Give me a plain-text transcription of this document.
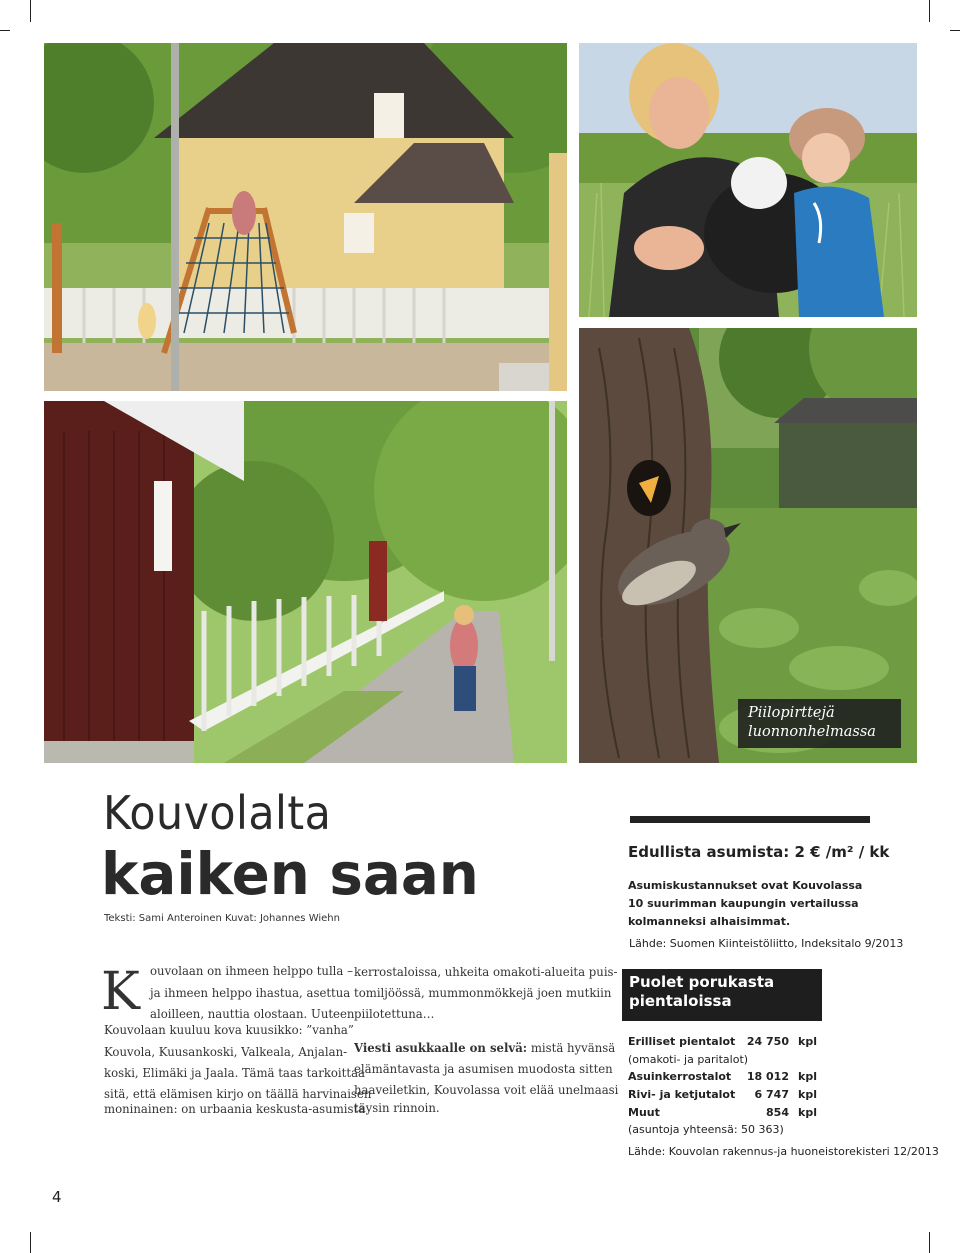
Piilopirttejä
luonnonhelmassa
Kouvolalta
kaiken saan
Teksti: Sami Anteroinen Kuvat: Johannes Wiehn
K ouvolaan on ihmeen helppo tulla –
ja ihmeen helppo ihastua, asettua
aloilleen, nauttia olostaan. Uuteen
Kouvolaan kuuluu kova kuusikko: ”vanha”
Kouvola, Kuusankoski, Valkeala, Anjalan-
koski, Elimäki ja Jaala. Tämä taas tarkoittaa
sitä, että elämisen kirjo on täällä harvinaisen
moninainen: on urbaania keskusta-asumista
kerrostaloissa, uhkeita omakoti-alueita puis-
tomiljöössä, mummonmökkejä joen mutkiin
piilotettuna…
Viesti asukkaalle on selvä: mistä hyvänsä
elämäntavasta ja asumisen muodosta sitten
haaveiletkin, Kouvolassa voit elää unelmaasi
täysin rinnoin.
Edullista asumista: 2 € /m² / kk
Asumiskustannukset ovat Kouvolassa
10 suurimman kaupungin vertailussa
kolmanneksi alhaisimmat.
Lähde: Suomen Kiinteistöliitto, Indeksitalo 9/2013
Puolet porukasta
pientaloissa
Erilliset pientalot 24 750 kpl
(omakoti- ja paritalot)
Asuinkerrostalot 18 012 kpl
Rivi- ja ketjutalot 6 747 kpl
Muut	854 kpl
(asuntoja yhteensä: 50 363)
Lähde: Kouvolan rakennus-ja huoneistorekisteri 12/2013
4
